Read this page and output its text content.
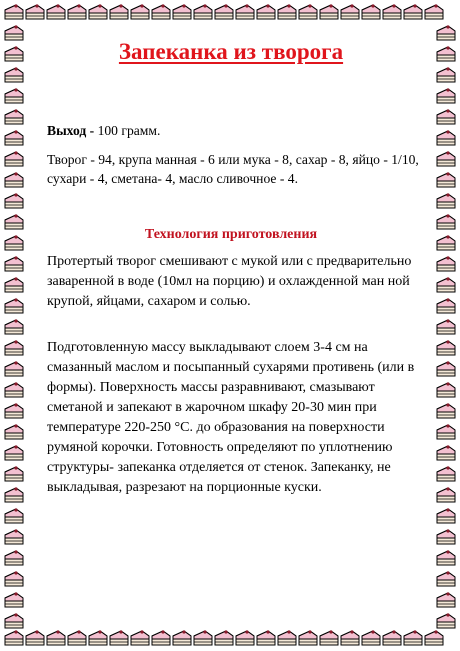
Запеканка из творога
Выход - 100 грамм.
Творог - 94, крупа манная - 6 или мука - 8, сахар - 8, яйцо - 1/10, сухари - 4, сметана- 4, масло сливочное - 4.
Технология приготовления
Протертый творог смешивают с мукой или с предварительно заваренной в воде (10мл на порцию) и охлажденной ман ной крупой, яйцами, сахаром и солью.
Подготовленную массу выкладывают слоем 3-4 см на смазанный маслом и посыпанный сухарями противень (или в формы). Поверхность массы разравнивают, смазывают сметаной и запекают в жарочном шкафу 20-30 мин при температуре 220-250 °С. до образования на поверхности румяной корочки. Готовность определяют по уплотнению структуры- запеканка отделяется от стенок. Запеканку, не выкладывая, разрезают на порционные куски.
